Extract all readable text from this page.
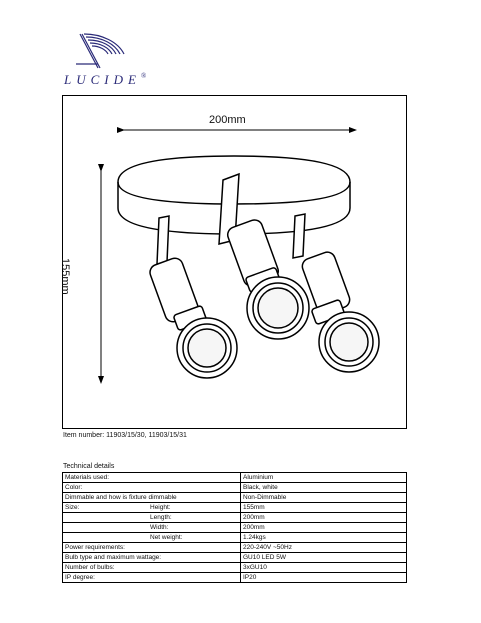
LUCIDE®
200mm
155mm
Item number: 11903/15/30, 11903/15/31
Technical details
Materials used:	Aluminium
Color:	Black, white
Dimmable and how is fixture dimmable	Non-Dimmable
Size: Height:	155mm
Length:	200mm
Width:	200mm
Net weight:	1.24kgs
Power requirements:	220-240V ~50Hz
Bulb type and maximum wattage:	GU10 LED 5W
Number of bulbs:	3xGU10
IP degree:	IP20
